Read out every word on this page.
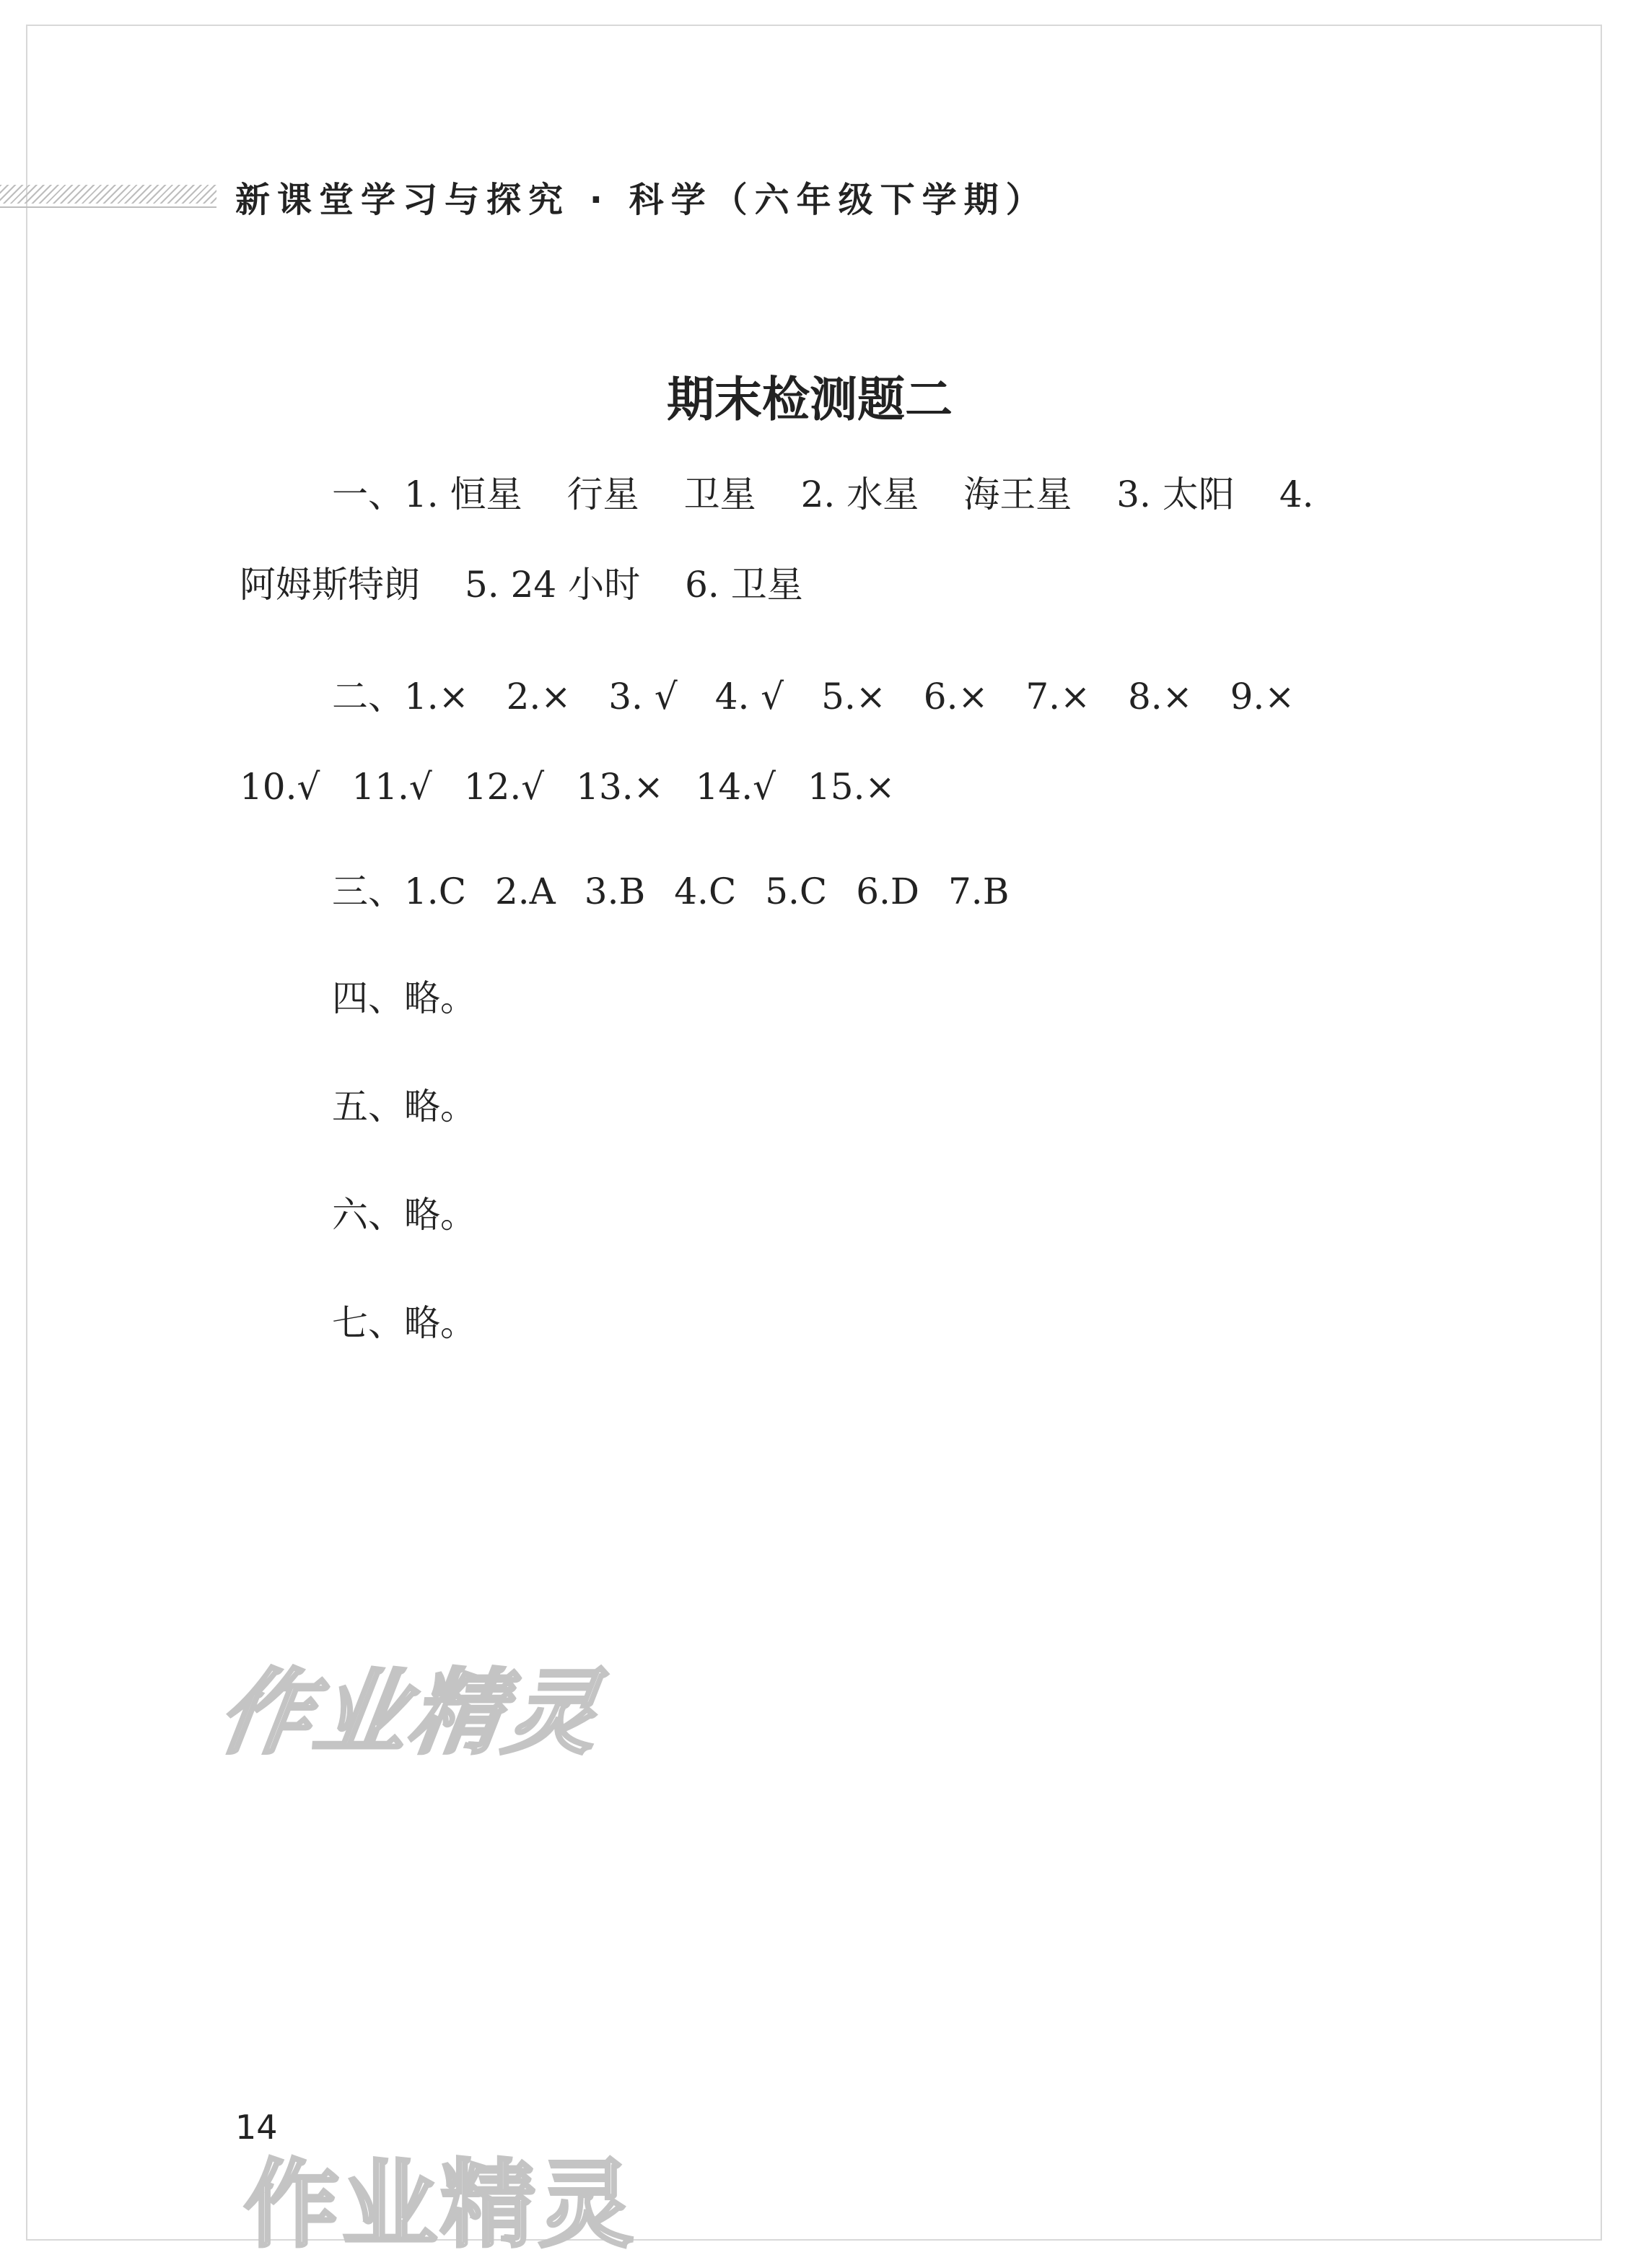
新课堂学习与探究 · 科学（六年级下学期）
期末检测题二
一、1. 恒星 行星 卫星 2. 水星 海王星 3. 太阳 4.
阿姆斯特朗 5. 24 小时 6. 卫星
二、1.× 2.× 3. √ 4. √ 5.× 6.× 7.× 8.× 9.×
10.√ 11.√ 12.√ 13.× 14.√ 15.×
三、1.C 2.A 3.B 4.C 5.C 6.D 7.B
四、略。
五、略。
六、略。
七、略。
作业精灵
14
作业精灵
